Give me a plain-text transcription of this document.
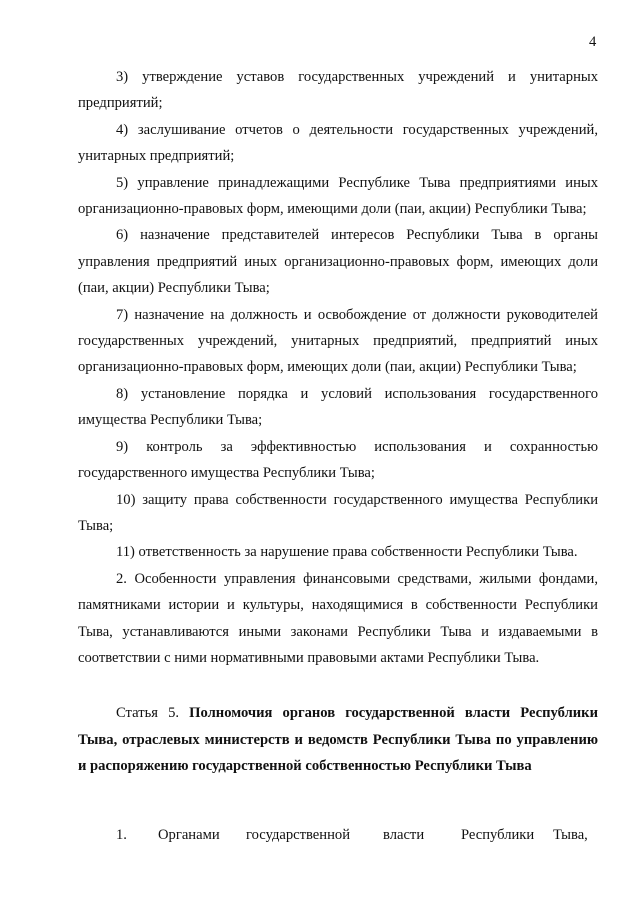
4

3) утверждение уставов государственных учреждений и унитарных предприятий;

4) заслушивание отчетов о деятельности государственных учреждений, унитарных предприятий;

5) управление принадлежащими Республике Тыва предприятиями иных организационно-правовых форм, имеющими доли (паи, акции) Республики Тыва;

6) назначение представителей интересов Республики Тыва в органы управления предприятий иных организационно-правовых форм, имеющих доли (паи, акции) Республики Тыва;

7) назначение на должность и освобождение от должности руководителей государственных учреждений, унитарных предприятий, предприятий иных организационно-правовых форм, имеющих доли (паи, акции) Республики Тыва;

8) установление порядка и условий использования государственного имущества Республики Тыва;

9) контроль за эффективностью использования и сохранностью государственного имущества Республики Тыва;

10) защиту права собственности государственного имущества Республики Тыва;

11) ответственность за нарушение права собственности Республики Тыва.

2. Особенности управления финансовыми средствами, жилыми фондами, памятниками истории и культуры, находящимися в собственности Республики Тыва, устанавливаются иными законами Республики Тыва и издаваемыми в соответствии с ними нормативными правовыми актами Республики Тыва.

Статья 5. Полномочия органов государственной власти Республики Тыва, отраслевых министерств и ведомств Республики Тыва по управлению и распоряжению государственной собственностью Республики Тыва

1. Органами государственной власти	Республики Тыва,
